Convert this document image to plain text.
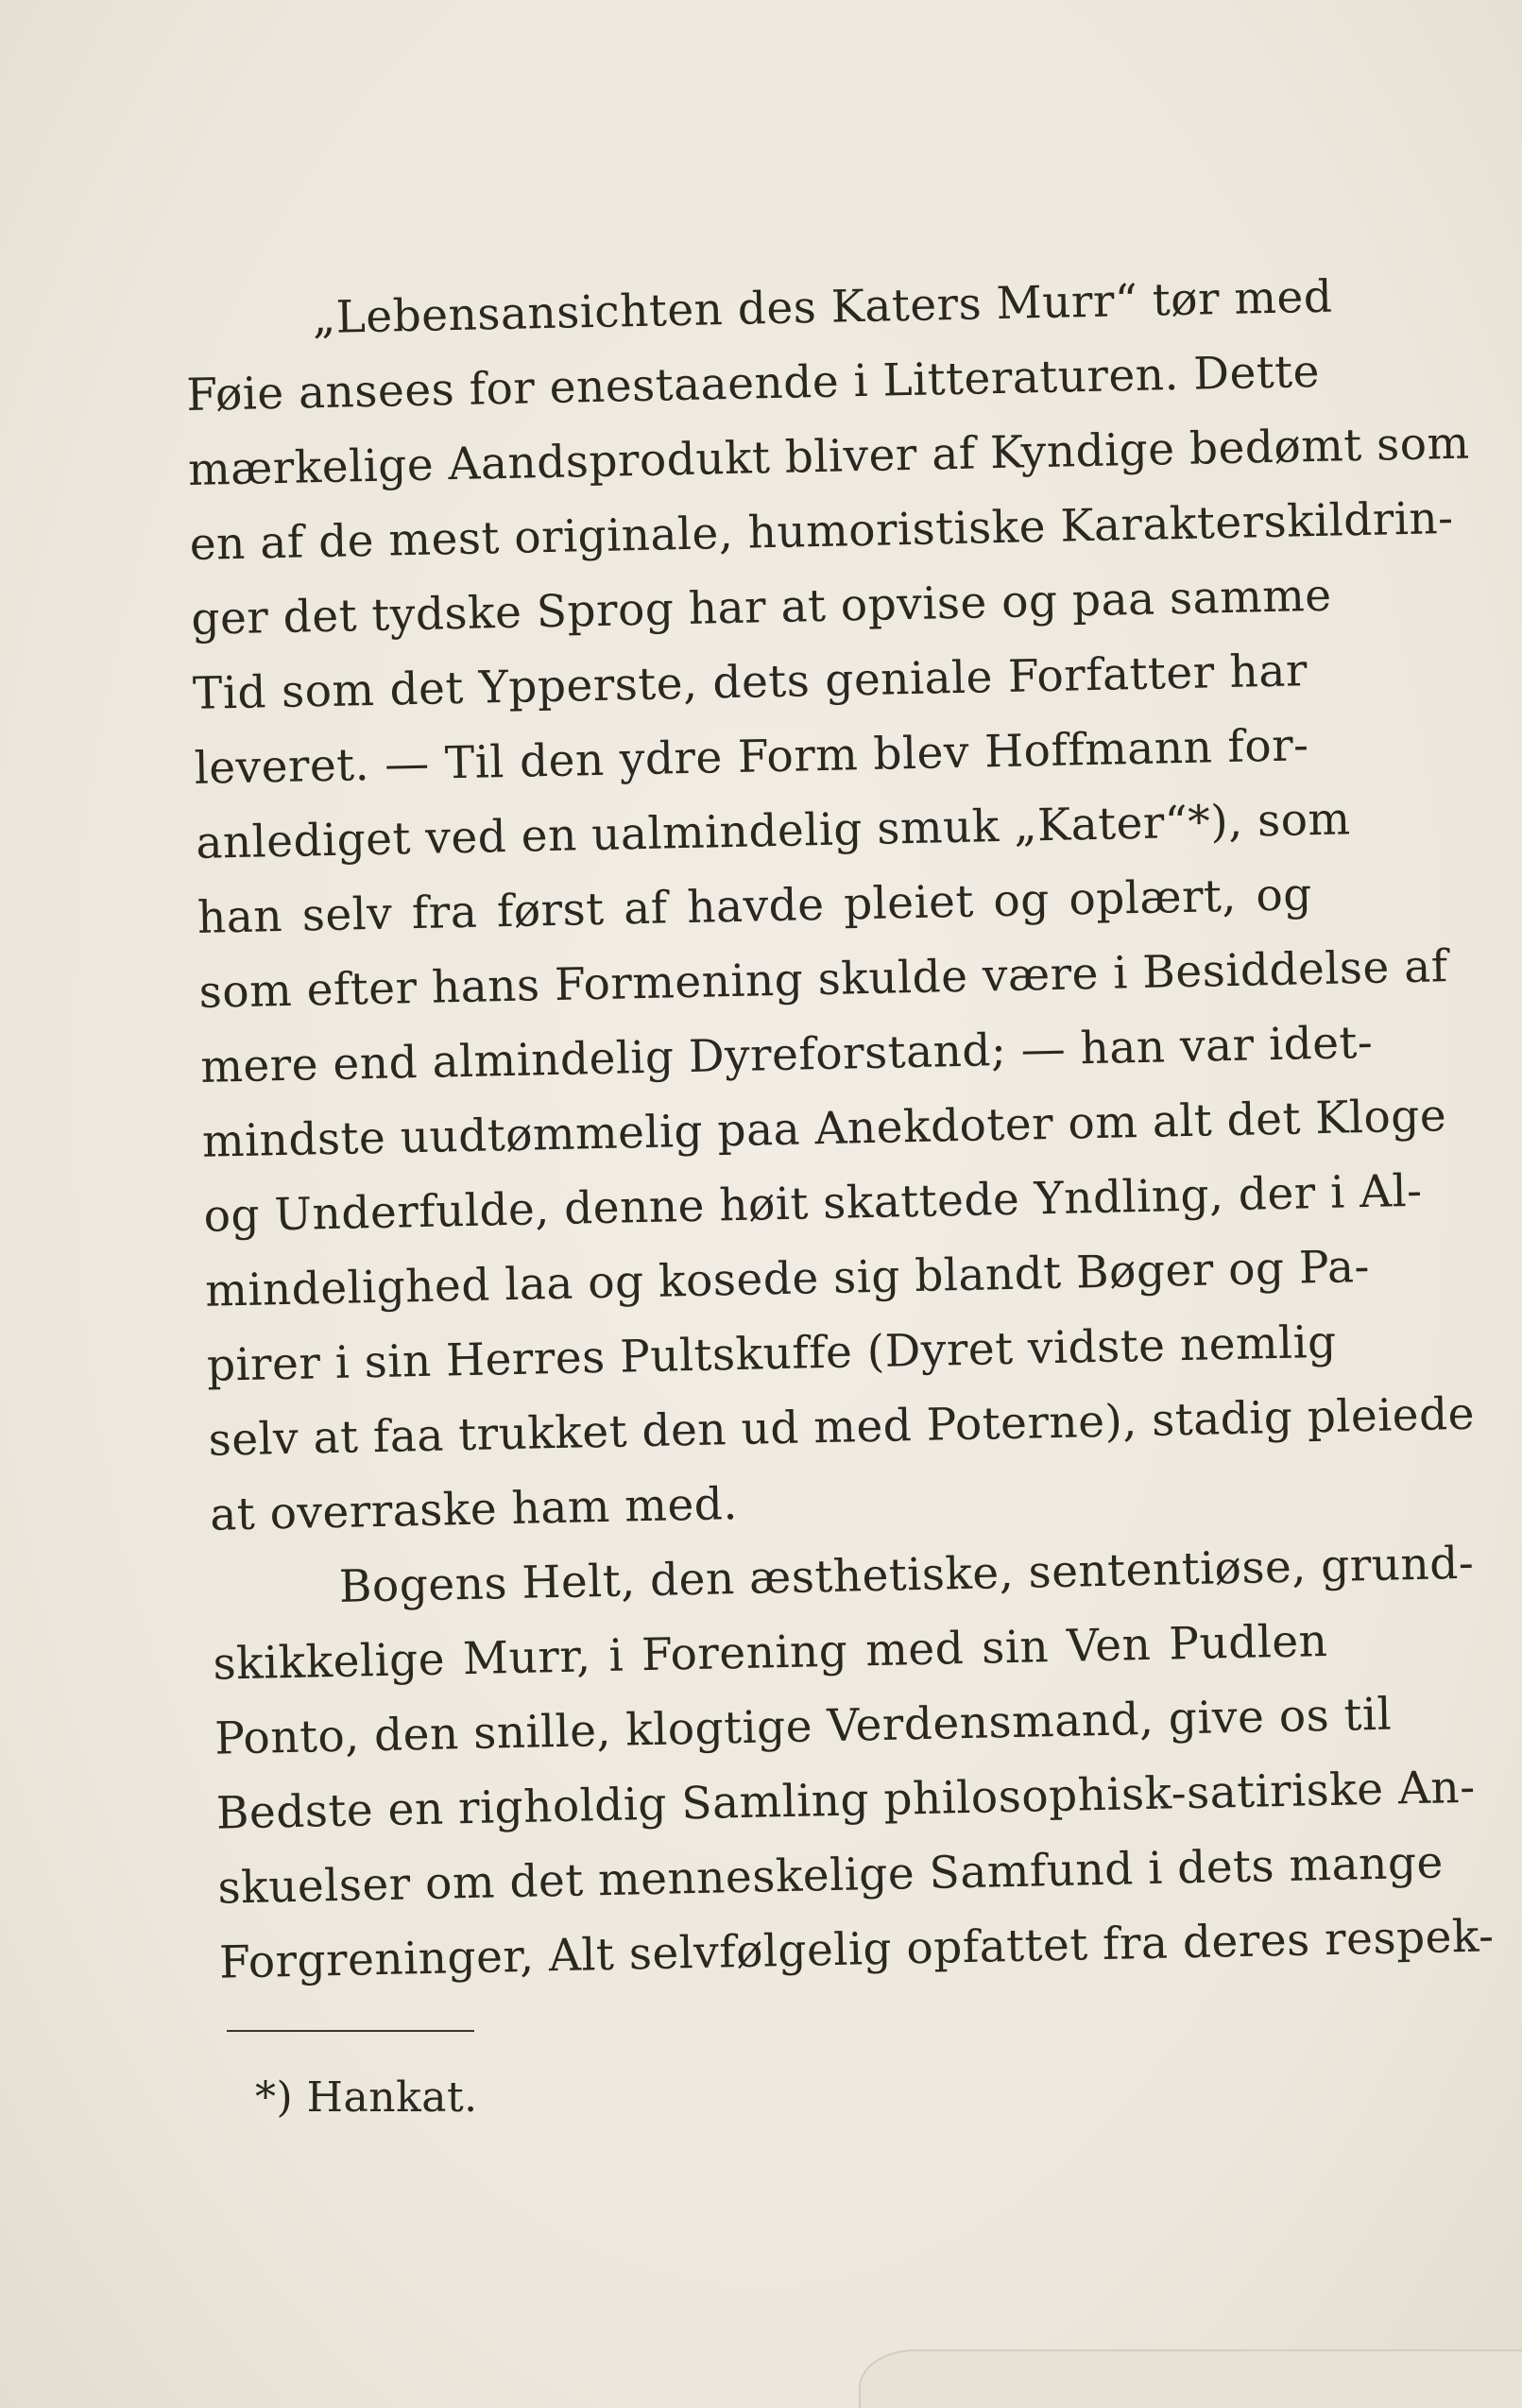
„Lebensansichten des Katers Murr“ tør med
Føie ansees for enestaaende i Litteraturen. Dette
mærkelige Aandsprodukt bliver af Kyndige bedømt som
en af de mest originale, humoristiske Karakterskildrin-
ger det tydske Sprog har at opvise og paa samme
Tid som det Ypperste, dets geniale Forfatter har
leveret. — Til den ydre Form blev Hoffmann for-
anlediget ved en ualmindelig smuk „Kater“*), som
han selv fra først af havde pleiet og oplært, og
som efter hans Formening skulde være i Besiddelse af
mere end almindelig Dyreforstand; — han var idet-
mindste uudtømmelig paa Anekdoter om alt det Kloge
og Underfulde, denne høit skattede Yndling, der i Al-
mindelighed laa og kosede sig blandt Bøger og Pa-
pirer i sin Herres Pultskuffe (Dyret vidste nemlig
selv at faa trukket den ud med Poterne), stadig pleiede
at overraske ham med.

Bogens Helt, den æsthetiske, sententiøse, grund-
skikkelige Murr, i Forening med sin Ven Pudlen
Ponto, den snille, klogtige Verdensmand, give os til
Bedste en righoldig Samling philosophisk-satiriske An-
skuelser om det menneskelige Samfund i dets mange
Forgreninger, Alt selvfølgelig opfattet fra deres respek-

*) Hankat.
